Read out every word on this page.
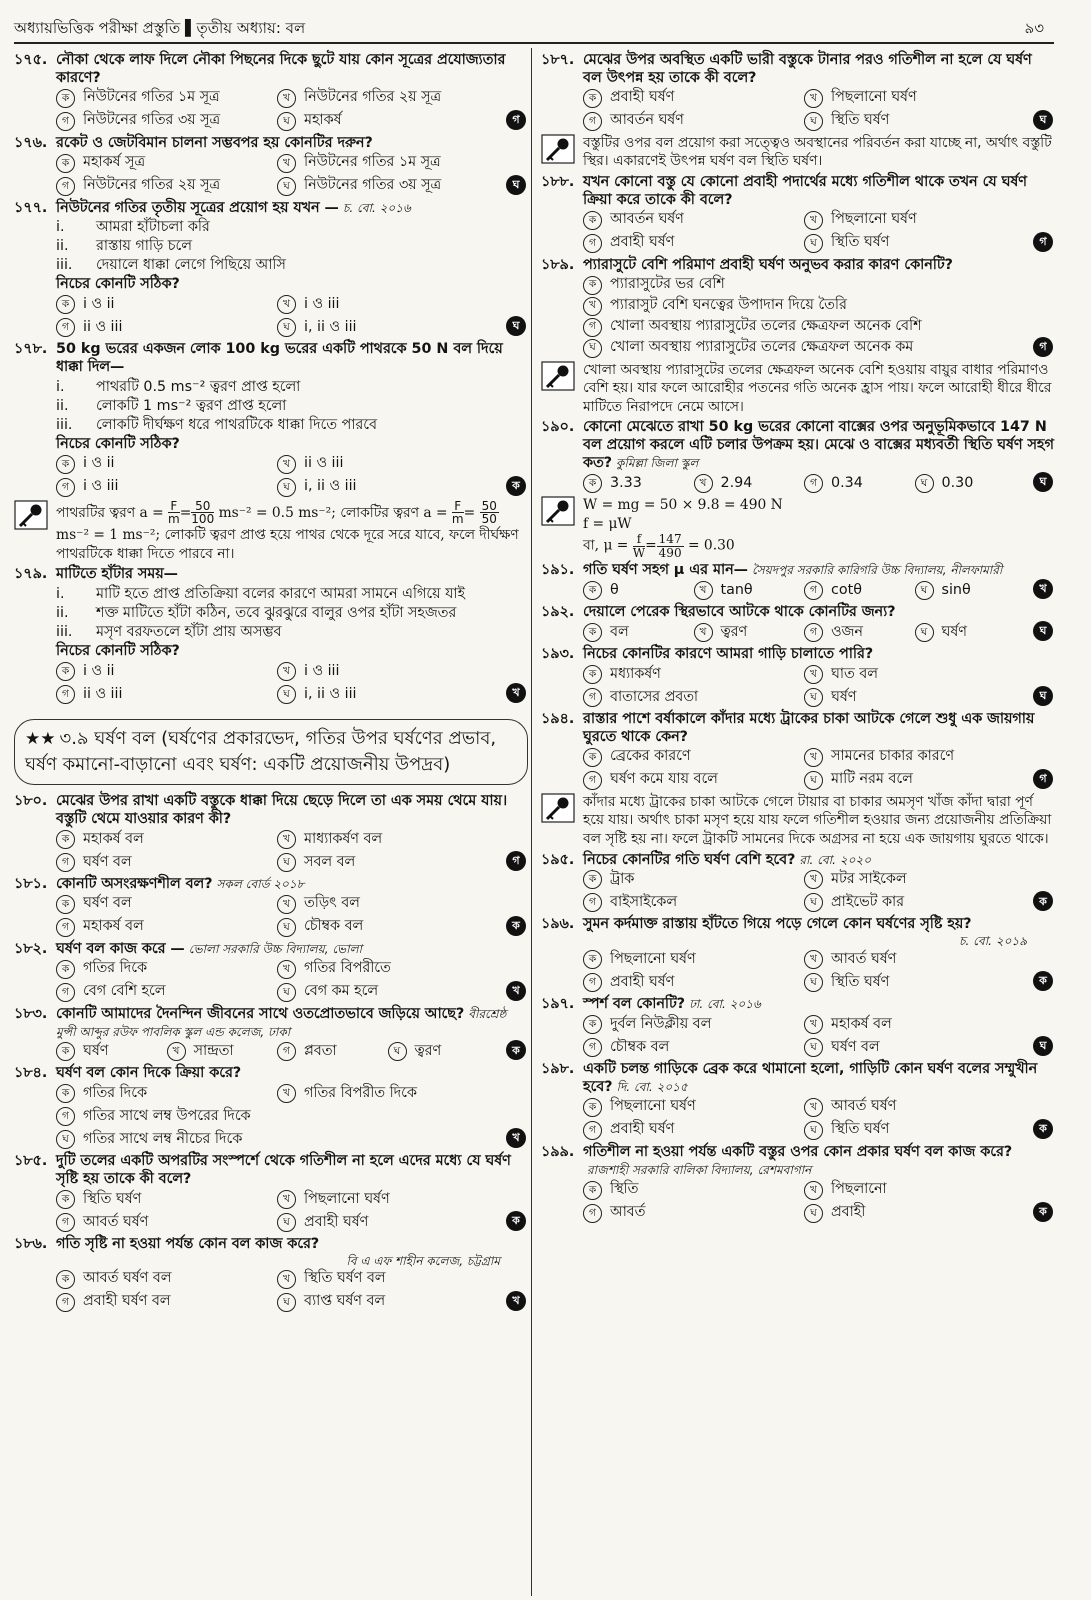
অধ্যায়ভিত্তিক পরীক্ষা প্রস্তুতি ▌তৃতীয় অধ্যায়: বল	৯৩
১৭৫. নৌকা থেকে লাফ দিলে নৌকা পিছনের দিকে ছুটে যায় কোন সূত্রের প্রযোজ্যতার কারণে?
ক নিউটনের গতির ১ম সূত্র	খ নিউটনের গতির ২য় সূত্র
গ নিউটনের গতির ৩য় সূত্র	ঘ মহাকর্ষ	গ
১৭৬. রকেট ও জেটবিমান চালনা সম্ভবপর হয় কোনটির দরুন?
ক মহাকর্ষ সূত্র	খ নিউটনের গতির ১ম সূত্র
গ নিউটনের গতির ২য় সূত্র	ঘ নিউটনের গতির ৩য় সূত্র	ঘ
১৭৭. নিউটনের গতির তৃতীয় সূত্রের প্রয়োগ হয় যখন — চ. বো. ২০১৬
i.	আমরা হাঁটাচলা করি
ii.	রাস্তায় গাড়ি চলে
iii.	দেয়ালে ধাক্কা লেগে পিছিয়ে আসি
নিচের কোনটি সঠিক?
ক i ও ii	খ i ও iii
গ ii ও iii	ঘ i, ii ও iii	ঘ
১৭৮. 50 kg ভরের একজন লোক 100 kg ভরের একটি পাথরকে 50 N বল দিয়ে ধাক্কা দিল—
i.	পাথরটি 0.5 ms⁻² ত্বরণ প্রাপ্ত হলো
ii.	লোকটি 1 ms⁻² ত্বরণ প্রাপ্ত হলো
iii.	লোকটি দীর্ঘক্ষণ ধরে পাথরটিকে ধাক্কা দিতে পারবে
নিচের কোনটি সঠিক?
ক i ও ii	খ ii ও iii
গ i ও iii	ঘ i, ii ও iii	ক
পাথরটির ত্বরণ $a = \frac{F}{m} = \frac{50}{100} ms^{-2} = 0.5$ ms⁻²; লোকটির ত্বরণ $a = \frac{F}{m} = \frac{50}{50}$
ms⁻² = 1 ms⁻²; লোকটি ত্বরণ প্রাপ্ত হয়ে পাথর থেকে দূরে সরে যাবে, ফলে দীর্ঘক্ষণ পাথরটিকে ধাক্কা দিতে পারবে না।
১৭৯. মাটিতে হাঁটার সময়—
i.	মাটি হতে প্রাপ্ত প্রতিক্রিয়া বলের কারণে আমরা সামনে এগিয়ে যাই
ii.	শক্ত মাটিতে হাঁটা কঠিন, তবে ঝুরঝুরে বালুর ওপর হাঁটা সহজতর
iii.	মসৃণ বরফতলে হাঁটা প্রায় অসম্ভব
নিচের কোনটি সঠিক?
ক i ও ii	খ i ও iii
গ ii ও iii	ঘ i, ii ও iii	খ
★★ ৩.৯ ঘর্ষণ বল (ঘর্ষণের প্রকারভেদ, গতির উপর ঘর্ষণের প্রভাব, ঘর্ষণ কমানো-বাড়ানো এবং ঘর্ষণ: একটি প্রয়োজনীয় উপদ্রব)
১৮০. মেঝের উপর রাখা একটি বস্তুকে ধাক্কা দিয়ে ছেড়ে দিলে তা এক সময় থেমে যায়। বস্তুটি থেমে যাওয়ার কারণ কী?
ক মহাকর্ষ বল	খ মাধ্যাকর্ষণ বল
গ ঘর্ষণ বল	ঘ সবল বল	গ
১৮১. কোনটি অসংরক্ষণশীল বল? সকল বোর্ড ২০১৮
ক ঘর্ষণ বল	খ তড়িৎ বল
গ মহাকর্ষ বল	ঘ চৌম্বক বল	ক
১৮২. ঘর্ষণ বল কাজ করে — ভোলা সরকারি উচ্চ বিদ্যালয়, ভোলা
ক গতির দিকে	খ গতির বিপরীতে
গ বেগ বেশি হলে	ঘ বেগ কম হলে	খ
১৮৩. কোনটি আমাদের দৈনন্দিন জীবনের সাথে ওতপ্রোতভাবে জড়িয়ে আছে? বীরশ্রেষ্ঠ মুন্সী আব্দুর রউফ পাবলিক স্কুল এন্ড কলেজ, ঢাকা
ক ঘর্ষণ	খ সান্দ্রতা	গ প্লবতা	ঘ ত্বরণ	ক
১৮৪. ঘর্ষণ বল কোন দিকে ক্রিয়া করে?
ক গতির দিকে	খ গতির বিপরীত দিকে
গ গতির সাথে লম্ব উপরের দিকে
ঘ গতির সাথে লম্ব নীচের দিকে	খ
১৮৫. দুটি তলের একটি অপরটির সংস্পর্শে থেকে গতিশীল না হলে এদের মধ্যে যে ঘর্ষণ সৃষ্টি হয় তাকে কী বলে?
ক স্থিতি ঘর্ষণ	খ পিছলানো ঘর্ষণ
গ আবর্ত ঘর্ষণ	ঘ প্রবাহী ঘর্ষণ	ক
১৮৬. গতি সৃষ্টি না হওয়া পর্যন্ত কোন বল কাজ করে?
বি এ এফ শাহীন কলেজ, চট্টগ্রাম
ক আবর্ত ঘর্ষণ বল	খ স্থিতি ঘর্ষণ বল
গ প্রবাহী ঘর্ষণ বল	ঘ ব্যাপ্ত ঘর্ষণ বল	খ
১৮৭. মেঝের উপর অবস্থিত একটি ভারী বস্তুকে টানার পরও গতিশীল না হলে যে ঘর্ষণ বল উৎপন্ন হয় তাকে কী বলে?
ক প্রবাহী ঘর্ষণ	খ পিছলানো ঘর্ষণ
গ আবর্তন ঘর্ষণ	ঘ স্থিতি ঘর্ষণ	ঘ
বস্তুটির ওপর বল প্রয়োগ করা সত্ত্বেও অবস্থানের পরিবর্তন করা যাচ্ছে না, অর্থাৎ বস্তুটি স্থির। একারণেই উৎপন্ন ঘর্ষণ বল স্থিতি ঘর্ষণ।
১৮৮. যখন কোনো বস্তু যে কোনো প্রবাহী পদার্থের মধ্যে গতিশীল থাকে তখন যে ঘর্ষণ ক্রিয়া করে তাকে কী বলে?
ক আবর্তন ঘর্ষণ	খ পিছলানো ঘর্ষণ
গ প্রবাহী ঘর্ষণ	ঘ স্থিতি ঘর্ষণ	গ
১৮৯. প্যারাসুটে বেশি পরিমাণ প্রবাহী ঘর্ষণ অনুভব করার কারণ কোনটি?
ক প্যারাসুটের ভর বেশি
খ প্যারাসুট বেশি ঘনত্বের উপাদান দিয়ে তৈরি
গ খোলা অবস্থায় প্যারাসুটের তলের ক্ষেত্রফল অনেক বেশি
ঘ খোলা অবস্থায় প্যারাসুটের তলের ক্ষেত্রফল অনেক কম	গ
খোলা অবস্থায় প্যারাসুটের তলের ক্ষেত্রফল অনেক বেশি হওয়ায় বায়ুর বাধার পরিমাণও বেশি হয়। যার ফলে আরোহীর পতনের গতি অনেক হ্রাস পায়। ফলে আরোহী ধীরে ধীরে মাটিতে নিরাপদে নেমে আসে।
১৯০. কোনো মেঝেতে রাখা 50 kg ভরের কোনো বাক্সের ওপর অনুভূমিকভাবে 147 N বল প্রয়োগ করলে এটি চলার উপক্রম হয়। মেঝে ও বাক্সের মধ্যবর্তী স্থিতি ঘর্ষণ সহগ কত? কুমিল্লা জিলা স্কুল
ক 3.33	খ 2.94	গ 0.34	ঘ 0.30	ঘ
W = mg = 50 × 9.8 = 490 N
f = μW
বা, $\mu = \frac{f}{W} = \frac{147}{490} = 0.30$
১৯১. গতি ঘর্ষণ সহগ μ এর মান— সৈয়দপুর সরকারি কারিগরি উচ্চ বিদ্যালয়, নীলফামারী
ক θ	খ tanθ	গ cotθ	ঘ sinθ	খ
১৯২. দেয়ালে পেরেক স্থিরভাবে আটকে থাকে কোনটির জন্য?
ক বল	খ ত্বরণ	গ ওজন	ঘ ঘর্ষণ	ঘ
১৯৩. নিচের কোনটির কারণে আমরা গাড়ি চালাতে পারি?
ক মধ্যাকর্ষণ	খ ঘাত বল
গ বাতাসের প্রবতা	ঘ ঘর্ষণ	ঘ
১৯৪. রাস্তার পাশে বর্ষাকালে কাঁদার মধ্যে ট্রাকের চাকা আটকে গেলে শুধু এক জায়গায় ঘুরতে থাকে কেন?
ক ব্রেকের কারণে	খ সামনের চাকার কারণে
গ ঘর্ষণ কমে যায় বলে	ঘ মাটি নরম বলে	গ
কাঁদার মধ্যে ট্রাকের চাকা আটকে গেলে টায়ার বা চাকার অমসৃণ খাঁজ কাঁদা দ্বারা পূর্ণ হয়ে যায়। অর্থাৎ চাকা মসৃণ হয়ে যায় ফলে গতিশীল হওয়ার জন্য প্রয়োজনীয় প্রতিক্রিয়া বল সৃষ্টি হয় না। ফলে ট্রাকটি সামনের দিকে অগ্রসর না হয়ে এক জায়গায় ঘুরতে থাকে।
১৯৫. নিচের কোনটির গতি ঘর্ষণ বেশি হবে? রা. বো. ২০২০
ক ট্রাক	খ মটর সাইকেল
গ বাইসাইকেল	ঘ প্রাইভেট কার	ক
১৯৬. সুমন কর্দমাক্ত রাস্তায় হাঁটতে গিয়ে পড়ে গেলে কোন ঘর্ষণের সৃষ্টি হয়?
চ. বো. ২০১৯
ক পিছলানো ঘর্ষণ	খ আবর্ত ঘর্ষণ
গ প্রবাহী ঘর্ষণ	ঘ স্থিতি ঘর্ষণ	ক
১৯৭. স্পর্শ বল কোনটি? ঢা. বো. ২০১৬
ক দুর্বল নিউক্লীয় বল	খ মহাকর্ষ বল
গ চৌম্বক বল	ঘ ঘর্ষণ বল	ঘ
১৯৮. একটি চলন্ত গাড়িকে ব্রেক করে থামানো হলো, গাড়িটি কোন ঘর্ষণ বলের সম্মুখীন হবে? দি. বো. ২০১৫
ক পিছলানো ঘর্ষণ	খ আবর্ত ঘর্ষণ
গ প্রবাহী ঘর্ষণ	ঘ স্থিতি ঘর্ষণ	ক
১৯৯. গতিশীল না হওয়া পর্যন্ত একটি বস্তুর ওপর কোন প্রকার ঘর্ষণ বল কাজ করে?রাজশাহী সরকারি বালিকা বিদ্যালয়, রেশমবাগান
ক স্থিতি	খ পিছলানো
গ আবর্ত	ঘ প্রবাহী	ক
